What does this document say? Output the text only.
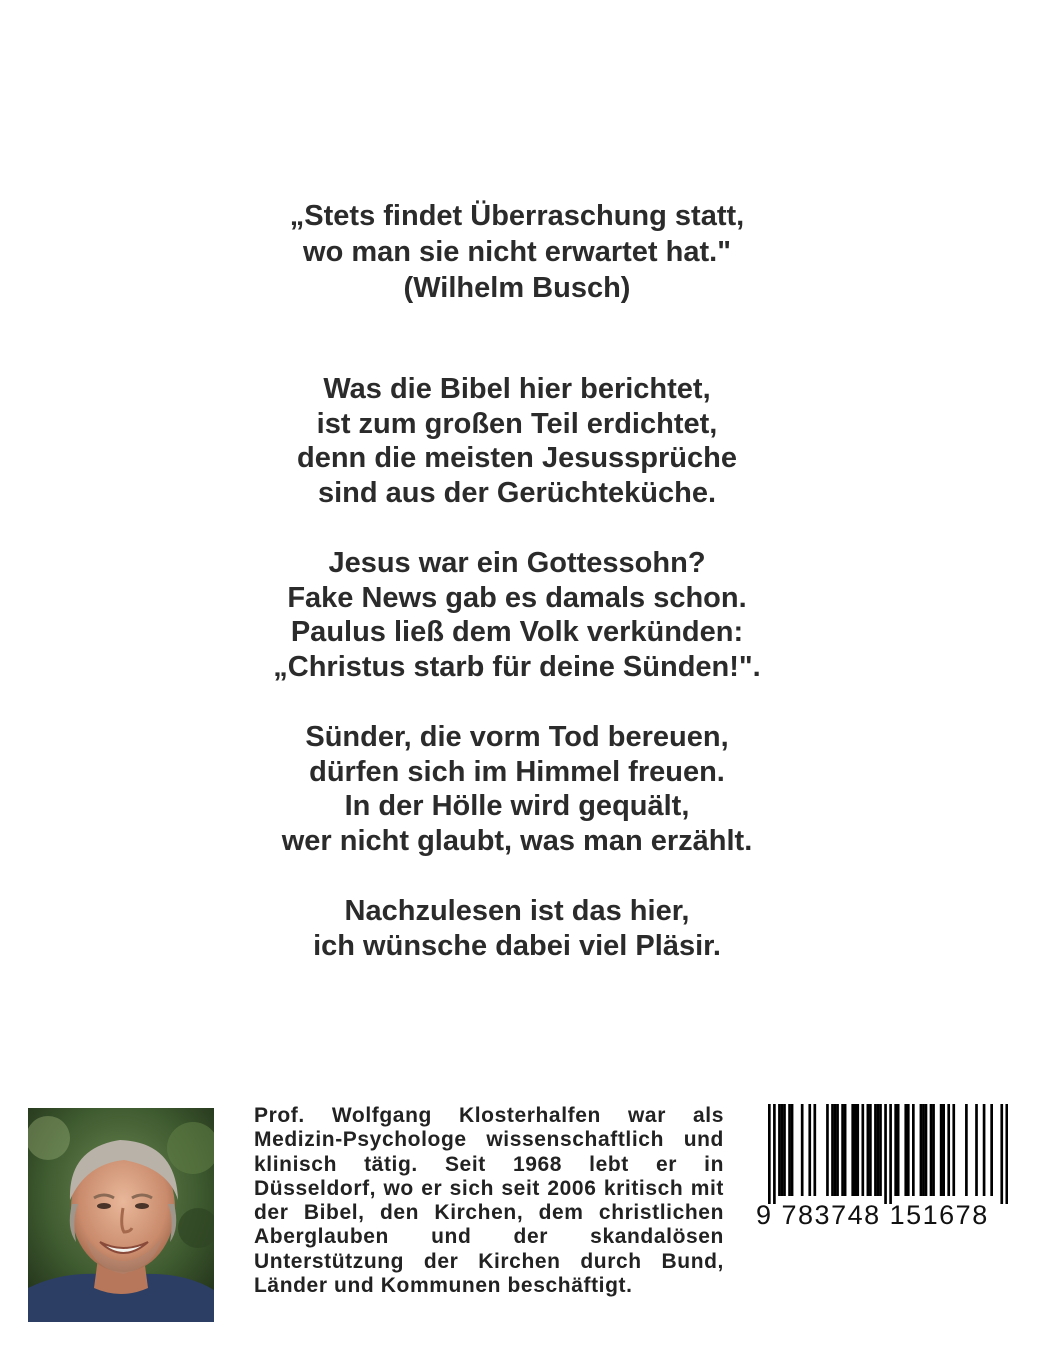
„Stets findet Überraschung statt,
wo man sie nicht erwartet hat."
(Wilhelm Busch)
Was die Bibel hier berichtet,
ist zum großen Teil erdichtet,
denn die meisten Jesussprüche
sind aus der Gerüchteküche.
Jesus war ein Gottessohn?
Fake News gab es damals schon.
Paulus ließ dem Volk verkünden:
„Christus starb für deine Sünden!".
Sünder, die vorm Tod bereuen,
dürfen sich im Himmel freuen.
In der Hölle wird gequält,
wer nicht glaubt, was man erzählt.
Nachzulesen ist das hier,
ich wünsche dabei viel Pläsir.
Prof. Wolfgang Klosterhalfen war als Medizin-Psychologe wissenschaftlich und klinisch tätig. Seit 1968 lebt er in Düsseldorf, wo er sich seit 2006 kritisch mit der Bibel, den Kirchen, dem christlichen Aberglauben und der skandalösen Unterstützung der Kirchen durch Bund, Länder und Kommunen beschäftigt.
9 783748 151678
